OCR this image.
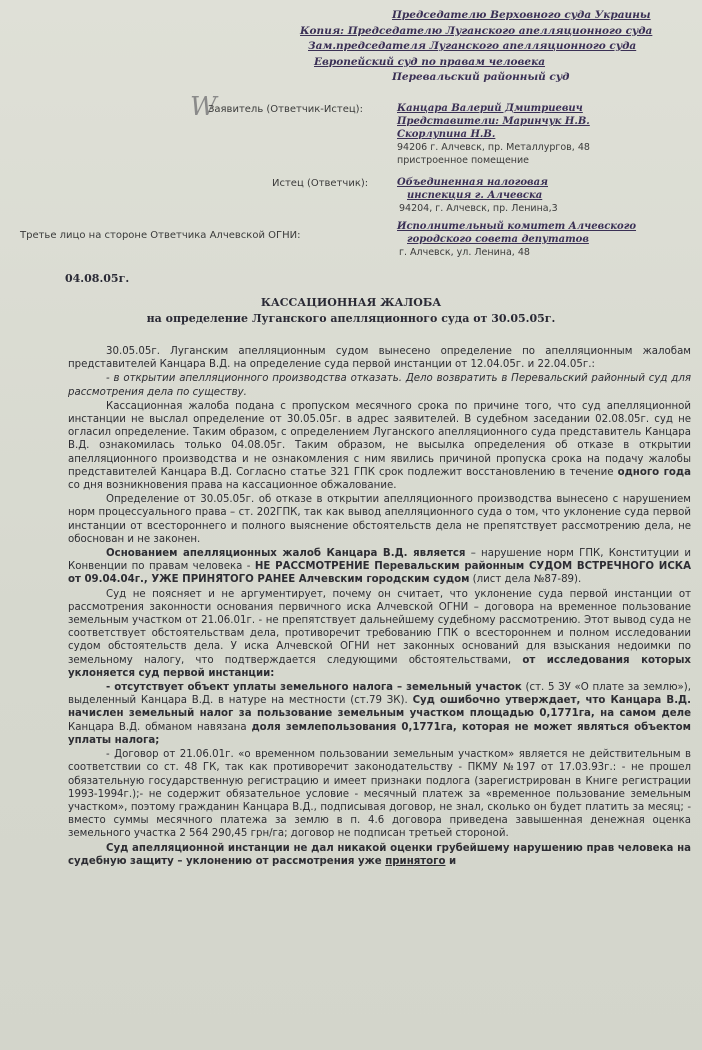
Председателю Верховного суда Украины
Копия: Председателю Луганского апелляционного суда
Зам.председателя Луганского апелляционного суда
Европейский суд по правам человека
Перевальский районный суд
W
Заявитель (Ответчик-Истец):	Канцара Валерий Дмитриевич
Представители: Маринчук Н.В.
Скорлупина Н.В.
94206 г. Алчевск, пр. Металлургов, 48
пристроенное помещение
Истец (Ответчик):	Объединенная налоговая
инспекция г. Алчевска
94204, г. Алчевск, пр. Ленина,3
Третье лицо на стороне Ответчика Алчевской ОГНИ:
Исполнительный комитет Алчевского
городского совета депутатов
г. Алчевск, ул. Ленина, 48
04.08.05г.
КАССАЦИОННАЯ ЖАЛОБА
на определение Луганского апелляционного суда от 30.05.05г.

30.05.05г. Луганским апелляционным судом вынесено определение по апелляционным жалобам представителей Канцара В.Д. на определение суда первой инстанции от 12.04.05г. и 22.04.05г.:

- в открытии апелляционного производства отказать. Дело возвратить в Перевальский районный суд для рассмотрения дела по существу.

Кассационная жалоба подана с пропуском месячного срока по причине того, что суд апелляционной инстанции не выслал определение от 30.05.05г. в адрес заявителей. В судебном заседании 02.08.05г. суд не огласил определение. Таким образом, с определением Луганского апелляционного суда представитель Канцара В.Д. ознакомилась только 04.08.05г. Таким образом, не высылка определения об отказе в открытии апелляционного производства и не ознакомления с ним явились причиной пропуска срока на подачу жалобы представителей Канцара В.Д. Согласно статье 321 ГПК срок подлежит восстановлению в течение одного года со дня возникновения права на кассационное обжалование.

Определение от 30.05.05г. об отказе в открытии апелляционного производства вынесено с нарушением норм процессуального права – ст. 202ГПК, так как вывод апелляционного суда о том, что уклонение суда первой инстанции от всестороннего и полного выяснение обстоятельств дела не препятствует рассмотрению дела, не обоснован и не законен.

Основанием апелляционных жалоб Канцара В.Д. является – нарушение норм ГПК, Конституции и Конвенции по правам человека - НЕ РАССМОТРЕНИЕ Перевальским районным СУДОМ ВСТРЕЧНОГО ИСКА от 09.04.04г., УЖЕ ПРИНЯТОГО РАНЕЕ Алчевским городским судом (лист дела №87-89).

Суд не поясняет и не аргументирует, почему он считает, что уклонение суда первой инстанции от рассмотрения законности основания первичного иска Алчевской ОГНИ – договора на временное пользование земельным участком от 21.06.01г. - не препятствует дальнейшему судебному рассмотрению. Этот вывод суда не соответствует обстоятельствам дела, противоречит требованию ГПК о всестороннем и полном исследовании судом обстоятельств дела. У иска Алчевской ОГНИ нет законных оснований для взыскания недоимки по земельному налогу, что подтверждается следующими обстоятельствами, от исследования которых уклоняется суд первой инстанции:

- отсутствует объект уплаты земельного налога – земельный участок (ст. 5 ЗУ «О плате за землю»), выделенный Канцара В.Д. в натуре на местности (ст.79 ЗК). Суд ошибочно утверждает, что Канцара В.Д. начислен земельный налог за пользование земельным участком площадью 0,1771га, на самом деле Канцара В.Д. обманом навязана доля землепользования 0,1771га, которая не может являться объектом уплаты налога;

- Договор от 21.06.01г. «о временном пользовании земельным участком» является не действительным в соответствии со ст. 48 ГК, так как противоречит законодательству - ПКМУ №197 от 17.03.93г.: - не прошел обязательную государственную регистрацию и имеет признаки подлога (зарегистрирован в Книге регистрации 1993-1994г.);- не содержит обязательное условие - месячный платеж за «временное пользование земельным участком», поэтому гражданин Канцара В.Д., подписывая договор, не знал, сколько он будет платить за месяц; - вместо суммы месячного платежа за землю в п. 4.6 договора приведена завышенная денежная оценка земельного участка 2 564 290,45 грн/га; договор не подписан третьей стороной.

Суд апелляционной инстанции не дал никакой оценки грубейшему нарушению прав человека на судебную защиту – уклонению от рассмотрения уже принятого и
